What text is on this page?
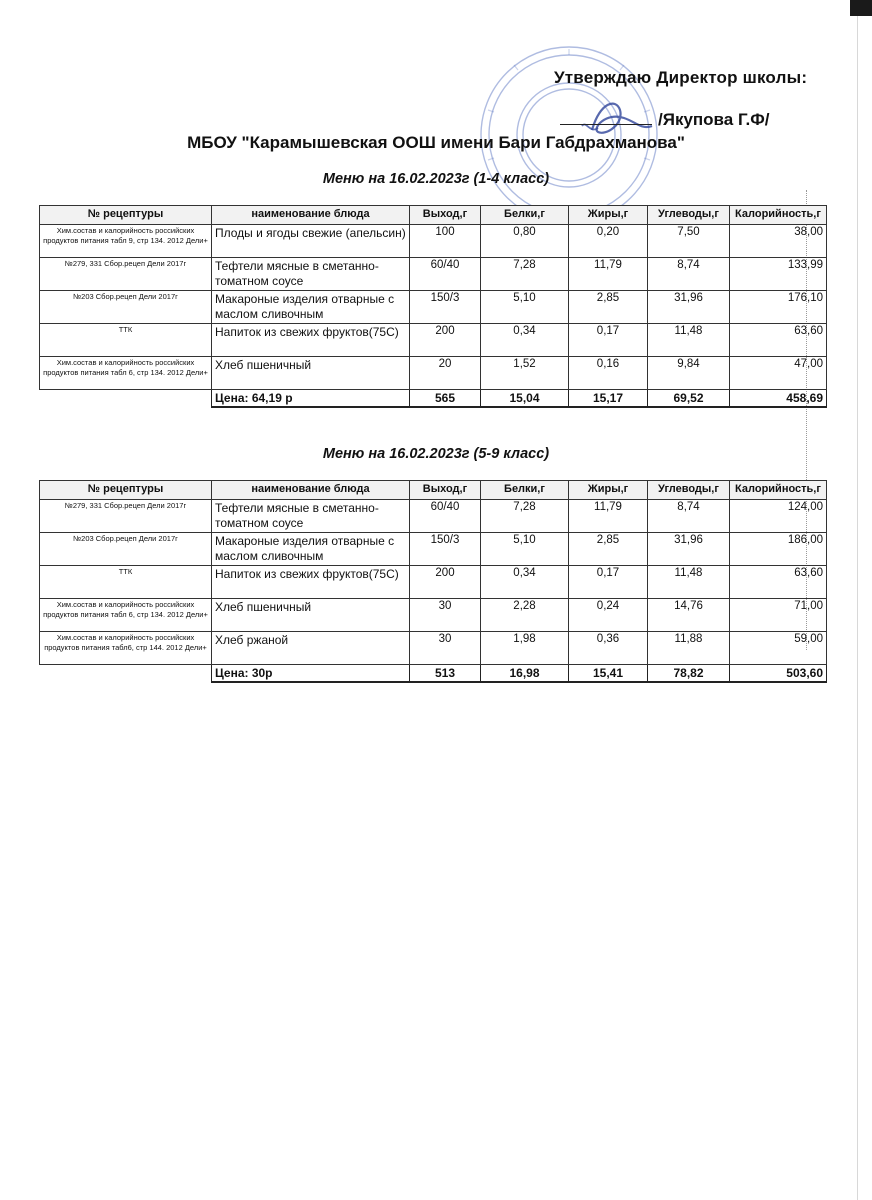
Утверждаю Директор школы:
/Якупова Г.Ф/
МБОУ "Карамышевская ООШ имени Бари Габдрахманова"
Меню на 16.02.2023г (1-4 класс)
№ рецептуры	наименование блюда	Выход,г	Белки,г	Жиры,г	Углеводы,г	Калорийность,г
Хим.состав и калорийность российских продуктов питания табл 9, стр 134. 2012 Дели+	Плоды и ягоды свежие (апельсин)	100	0,80	0,20	7,50	38,00
№279, 331 Сбор.рецеп Дели 2017г	Тефтели мясные в сметанно-томатном соусе	60/40	7,28	11,79	8,74	133,99
№203 Сбор.рецеп Дели 2017г	Макароные изделия отварные с маслом сливочным	150/3	5,10	2,85	31,96	176,10
ТТК	Напиток из свежих фруктов(75С)	200	0,34	0,17	11,48	63,60
Хим.состав и калорийность российских продуктов питания табл 6, стр 134. 2012 Дели+	Хлеб пшеничный	20	1,52	0,16	9,84	47,00
	Цена: 64,19 р	565	15,04	15,17	69,52	458,69
Меню на 16.02.2023г (5-9 класс)
№ рецептуры	наименование блюда	Выход,г	Белки,г	Жиры,г	Углеводы,г	Калорийность,г
№279, 331 Сбор.рецеп Дели 2017г	Тефтели мясные в сметанно-томатном соусе	60/40	7,28	11,79	8,74	124,00
№203 Сбор.рецеп Дели 2017г	Макароные изделия отварные с маслом сливочным	150/3	5,10	2,85	31,96	186,00
ТТК	Напиток из свежих фруктов(75С)	200	0,34	0,17	11,48	63,60
Хим.состав и калорийность российских продуктов питания табл 6, стр 134. 2012 Дели+	Хлеб пшеничный	30	2,28	0,24	14,76	71,00
Хим.состав и калорийность российских продуктов питания табл6, стр 144. 2012 Дели+	Хлеб ржаной	30	1,98	0,36	11,88	59,00
	Цена: 30р	513	16,98	15,41	78,82	503,60
